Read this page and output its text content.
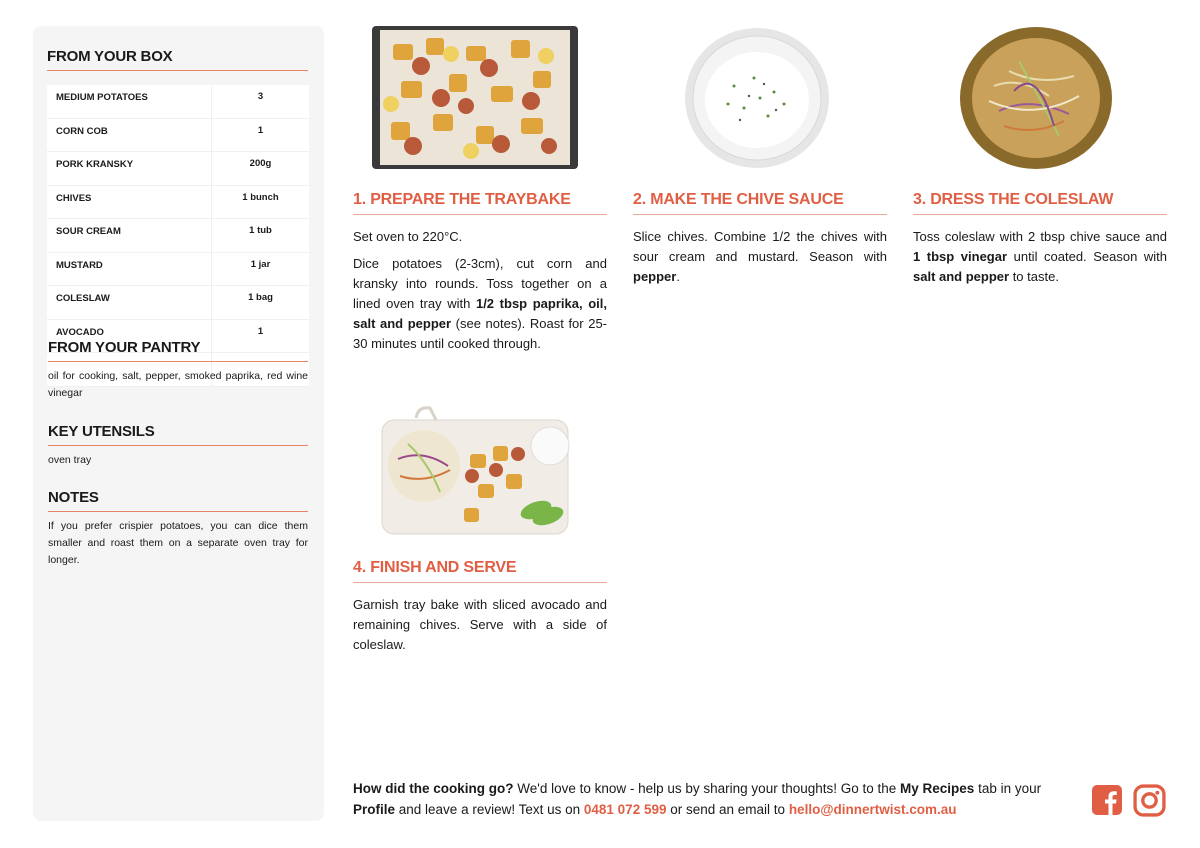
FROM YOUR BOX
MEDIUM POTATOES	3
CORN COB	1
PORK KRANSKY	200g
CHIVES	1 bunch
SOUR CREAM	1 tub
MUSTARD	1 jar
COLESLAW	1 bag
AVOCADO	1

FROM YOUR PANTRY
oil for cooking, salt, pepper, smoked paprika, red wine vinegar
KEY UTENSILS
oven tray
NOTES
If you prefer crispier potatoes, you can dice them smaller and roast them on a separate oven tray for longer.
1. PREPARE THE TRAYBAKE

Set oven to 220°C.

Dice potatoes (2-3cm), cut corn and kransky into rounds. Toss together on a lined oven tray with 1/2 tbsp paprika, oil, salt and pepper (see notes). Roast for 25-30 minutes until cooked through.

2. MAKE THE CHIVE SAUCE

Slice chives. Combine 1/2 the chives with sour cream and mustard. Season with pepper.

3. DRESS THE COLESLAW

Toss coleslaw with 2 tbsp chive sauce and 1 tbsp vinegar until coated. Season with salt and pepper to taste.

4. FINISH AND SERVE

Garnish tray bake with sliced avocado and remaining chives. Serve with a side of coleslaw.

How did the cooking go? We'd love to know - help us by sharing your thoughts! Go to the My Recipes tab in your Profile and leave a review! Text us on 0481 072 599 or send an email to hello@dinnertwist.com.au
